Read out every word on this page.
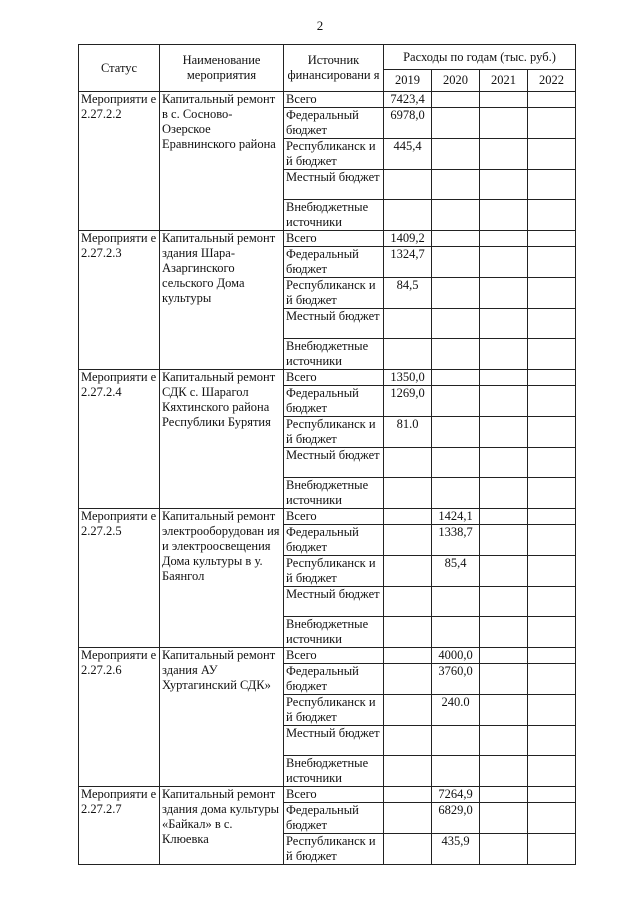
2
Статус	Наименование мероприятия	Источник финансировани я	Расходы по годам (тыс. руб.)			
			2019	2020	2021	2022
Мероприяти е 2.27.2.2	Капитальный ремонт в с. Сосново-Озерское Еравнинского района	Всего	7423,4			
		Федеральный бюджет	6978,0			
		Республиканск и й бюджет	445,4			
		Местный бюджет				
		Внебюджетные источники				
Мероприяти е 2.27.2.3	Капитальный ремонт здания Шара-Азаргинского сельского Дома культуры	Всего	1409,2			
		Федеральный бюджет	1324,7			
		Республиканск и й бюджет	84,5			
		Местный бюджет				
		Внебюджетные источники				
Мероприяти е 2.27.2.4	Капитальный ремонт СДК с. Шарагол Кяхтинского района Республики Бурятия	Всего	1350,0			
		Федеральный бюджет	1269,0			
		Республиканск и й бюджет	81.0			
		Местный бюджет				
		Внебюджетные источники				
Мероприяти е 2.27.2.5	Капитальный ремонт электрооборудован ия и электроосвещения Дома культуры в у. Баянгол	Всего		1424,1		
		Федеральный бюджет		1338,7		
		Республиканск и й бюджет		85,4		
		Местный бюджет				
		Внебюджетные источники				
Мероприяти е 2.27.2.6	Капитальный ремонт здания АУ Хуртагинский СДК»	Всего		4000,0		
		Федеральный бюджет		3760,0		
		Республиканск и й бюджет		240.0		
		Местный бюджет				
		Внебюджетные источники				
Мероприяти е 2.27.2.7	Капитальный ремонт здания дома культуры «Байкал» в с. Клюевка	Всего		7264,9		
		Федеральный бюджет		6829,0		
		Республиканск и й бюджет		435,9		
